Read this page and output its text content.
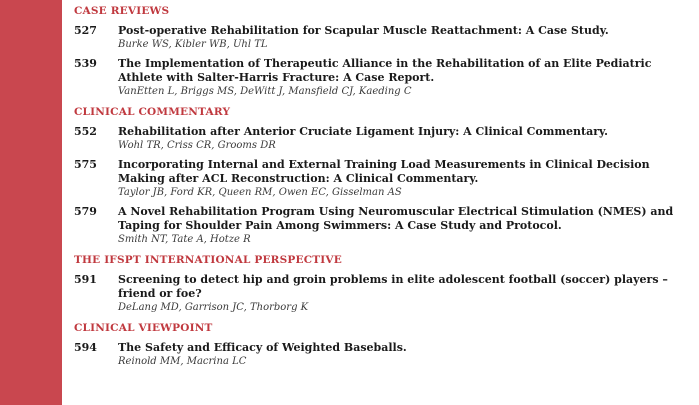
CASE REVIEWS
527	Post-operative Rehabilitation for Scapular Muscle Reattachment: A Case Study.
Burke WS, Kibler WB, Uhl TL
539	The Implementation of Therapeutic Alliance in the Rehabilitation of an Elite Pediatric Athlete with Salter-Harris Fracture: A Case Report.
VanEtten L, Briggs MS, DeWitt J, Mansfield CJ, Kaeding C
CLINICAL COMMENTARY
552	Rehabilitation after Anterior Cruciate Ligament Injury: A Clinical Commentary.
Wohl TR, Criss CR, Grooms DR
575	Incorporating Internal and External Training Load Measurements in Clinical Decision Making after ACL Reconstruction: A Clinical Commentary.
Taylor JB, Ford KR, Queen RM, Owen EC, Gisselman AS
579	A Novel Rehabilitation Program Using Neuromuscular Electrical Stimulation (NMES) and Taping for Shoulder Pain Among Swimmers: A Case Study and Protocol.
Smith NT, Tate A, Hotze R
THE IFSPT INTERNATIONAL PERSPECTIVE
591	Screening to detect hip and groin problems in elite adolescent football (soccer) players – friend or foe?
DeLang MD, Garrison JC, Thorborg K
CLINICAL VIEWPOINT
594	The Safety and Efficacy of Weighted Baseballs.
Reinold MM, Macrina LC
